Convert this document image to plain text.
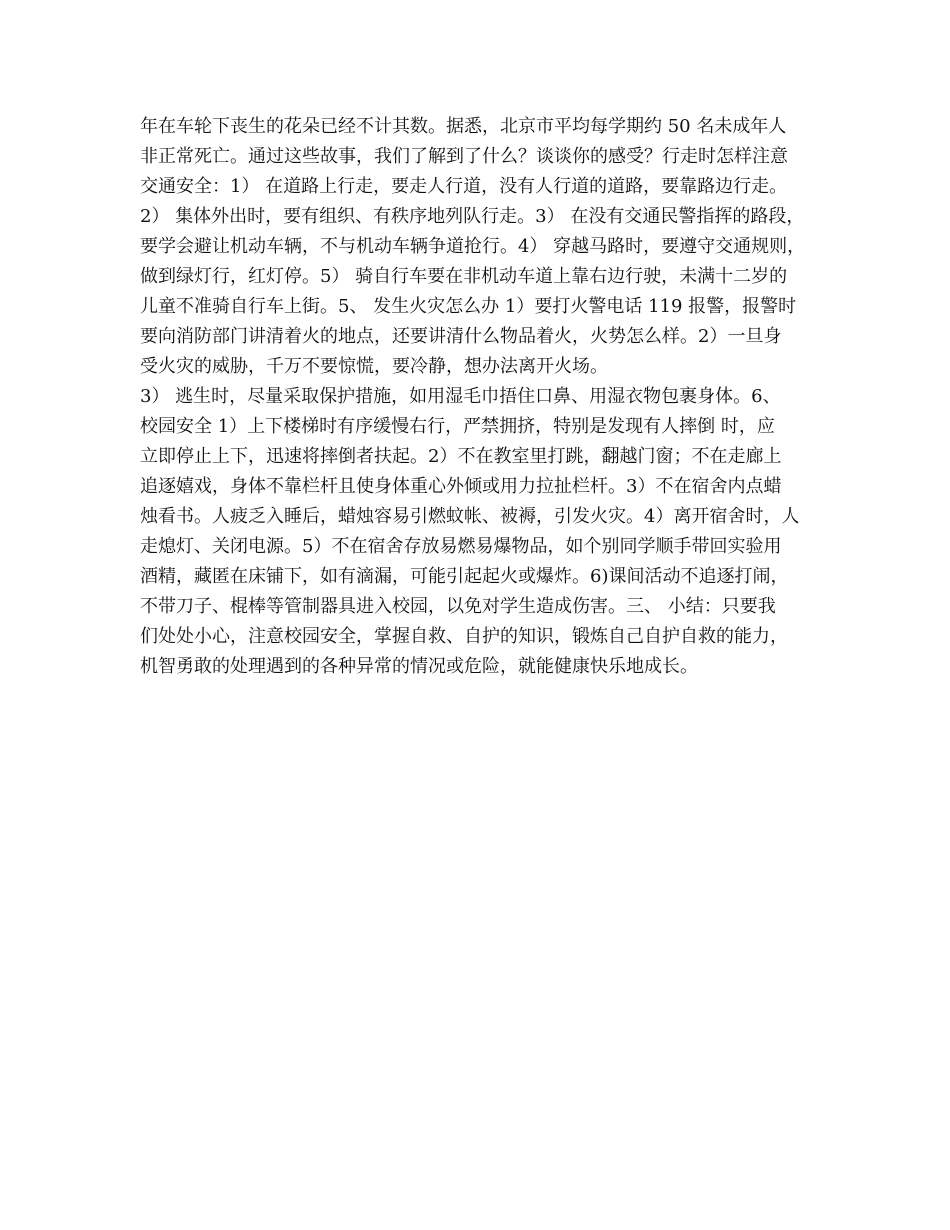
年在车轮下丧生的花朵已经不计其数。据悉，北京市平均每学期约 50 名未成年人
非正常死亡。通过这些故事，我们了解到了什么？谈谈你的感受？行走时怎样注意
交通安全：1） 在道路上行走，要走人行道，没有人行道的道路，要靠路边行走。
2） 集体外出时，要有组织、有秩序地列队行走。3） 在没有交通民警指挥的路段，
要学会避让机动车辆，不与机动车辆争道抢行。4） 穿越马路时，要遵守交通规则，
做到绿灯行，红灯停。5） 骑自行车要在非机动车道上靠右边行驶，未满十二岁的
儿童不准骑自行车上街。5、 发生火灾怎么办 1）要打火警电话 119 报警，报警时
要向消防部门讲清着火的地点，还要讲清什么物品着火，火势怎么样。2）一旦身
受火灾的威胁，千万不要惊慌，要冷静，想办法离开火场。
3） 逃生时，尽量采取保护措施，如用湿毛巾捂住口鼻、用湿衣物包裹身体。6、
校园安全 1）上下楼梯时有序缓慢右行，严禁拥挤，特别是发现有人摔倒 时，应
立即停止上下，迅速将摔倒者扶起。2）不在教室里打跳，翻越门窗；不在走廊上
追逐嬉戏，身体不靠栏杆且使身体重心外倾或用力拉扯栏杆。3）不在宿舍内点蜡
烛看书。人疲乏入睡后，蜡烛容易引燃蚊帐、被褥，引发火灾。4）离开宿舍时，人
走熄灯、关闭电源。5）不在宿舍存放易燃易爆物品，如个别同学顺手带回实验用
酒精，藏匿在床铺下，如有滴漏，可能引起起火或爆炸。6)课间活动不追逐打闹，
不带刀子、棍棒等管制器具进入校园，以免对学生造成伤害。三、 小结：只要我
们处处小心，注意校园安全，掌握自救、自护的知识，锻炼自己自护自救的能力，
机智勇敢的处理遇到的各种异常的情况或危险，就能健康快乐地成长。
